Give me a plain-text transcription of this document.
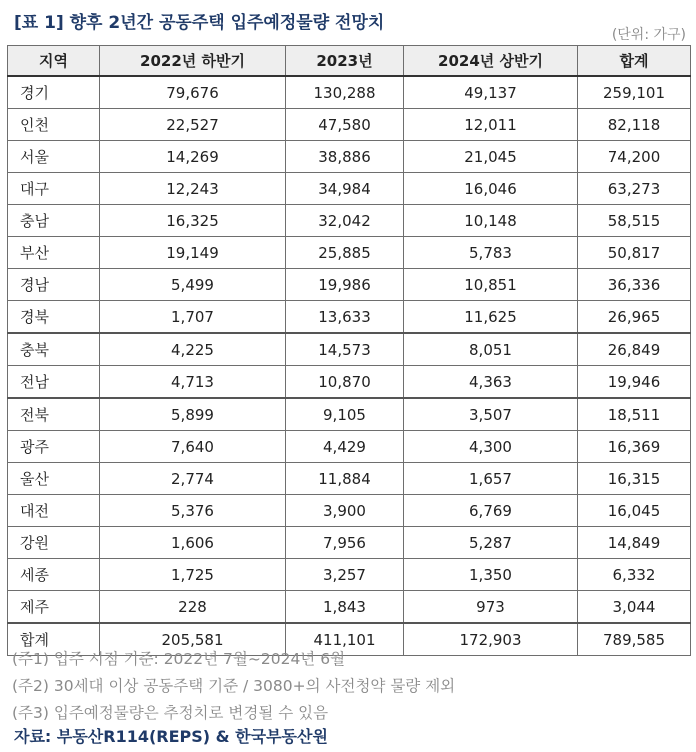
[표 1] 향후 2년간 공동주택 입주예정물량 전망치
(단위: 가구)
지역	2022년 하반기	2023년	2024년 상반기	합계
경기	79,676	130,288	49,137	259,101
인천	22,527	47,580	12,011	82,118
서울	14,269	38,886	21,045	74,200
대구	12,243	34,984	16,046	63,273
충남	16,325	32,042	10,148	58,515
부산	19,149	25,885	5,783	50,817
경남	5,499	19,986	10,851	36,336
경북	1,707	13,633	11,625	26,965
충북	4,225	14,573	8,051	26,849
전남	4,713	10,870	4,363	19,946
전북	5,899	9,105	3,507	18,511
광주	7,640	4,429	4,300	16,369
울산	2,774	11,884	1,657	16,315
대전	5,376	3,900	6,769	16,045
강원	1,606	7,956	5,287	14,849
세종	1,725	3,257	1,350	6,332
제주	228	1,843	973	3,044
합계	205,581	411,101	172,903	789,585
(주1) 입주 시점 기준: 2022년 7월~2024년 6월
(주2) 30세대 이상 공동주택 기준 / 3080+의 사전청약 물량 제외
(주3) 입주예정물량은 추정치로 변경될 수 있음
자료: 부동산R114(REPS) & 한국부동산원
